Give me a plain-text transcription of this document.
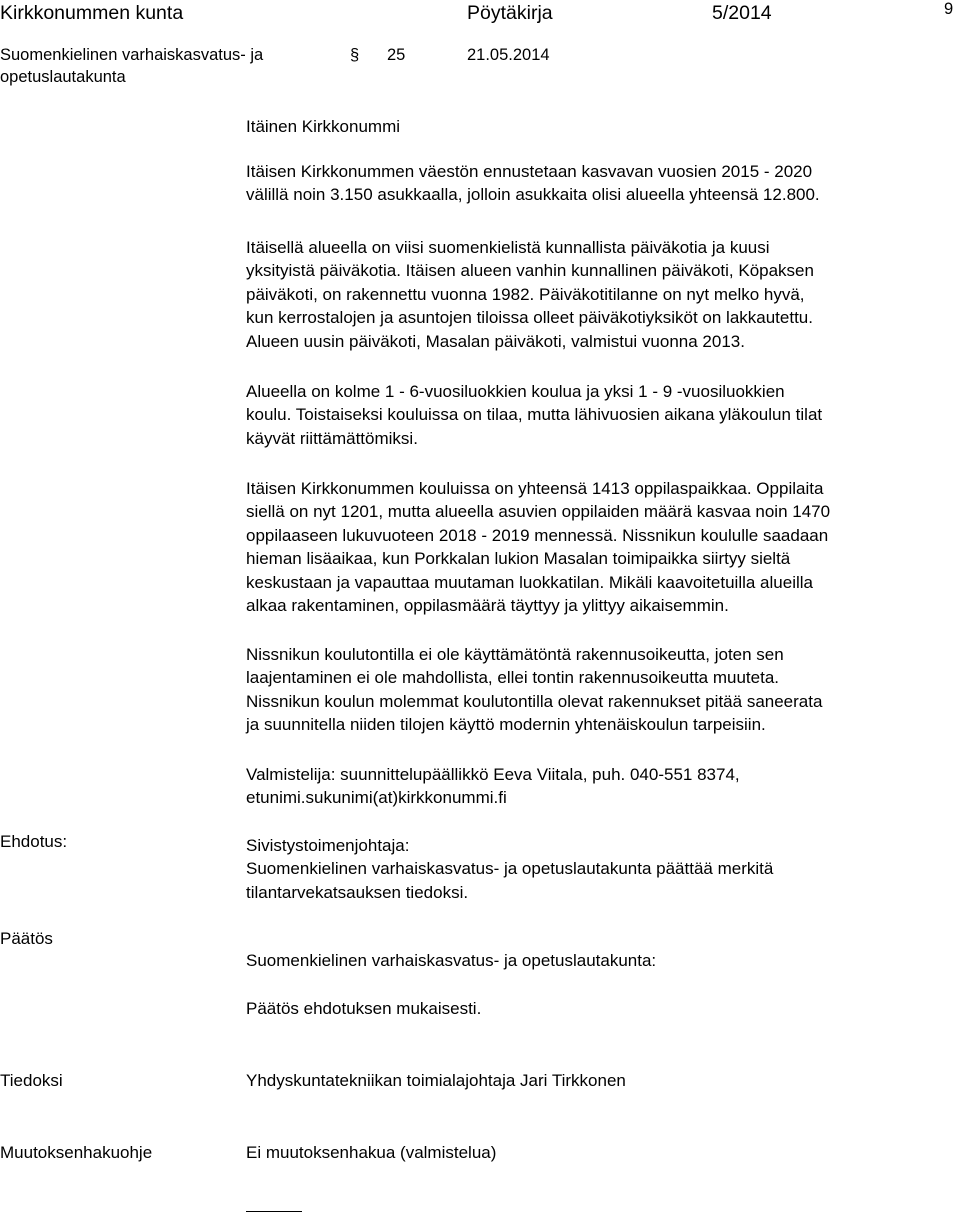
Kirkkonummen kunta	Pöytäkirja	5/2014	9
Suomenkielinen varhaiskasvatus- ja
opetuslautakunta
§ 25	21.05.2014
Itäinen Kirkkonummi
Itäisen Kirkkonummen väestön ennustetaan kasvavan vuosien 2015 - 2020
välillä noin 3.150 asukkaalla, jolloin asukkaita olisi alueella yhteensä 12.800.
Itäisellä alueella on viisi suomenkielistä kunnallista päiväkotia ja kuusi
yksityistä päiväkotia. Itäisen alueen vanhin kunnallinen päiväkoti, Köpaksen
päiväkoti, on rakennettu vuonna 1982. Päiväkotitilanne on nyt melko hyvä,
kun kerrostalojen ja asuntojen tiloissa olleet päiväkotiyksiköt on lakkautettu.
Alueen uusin päiväkoti, Masalan päiväkoti, valmistui vuonna 2013.
Alueella on kolme 1 - 6-vuosiluokkien koulua ja yksi 1 - 9 -vuosiluokkien
koulu. Toistaiseksi kouluissa on tilaa, mutta lähivuosien aikana yläkoulun tilat
käyvät riittämättömiksi.
Itäisen Kirkkonummen kouluissa on yhteensä 1413 oppilaspaikkaa. Oppilaita
siellä on nyt 1201, mutta alueella asuvien oppilaiden määrä kasvaa noin 1470
oppilaaseen lukuvuoteen 2018 - 2019 mennessä. Nissnikun koululle saadaan
hieman lisäaikaa, kun Porkkalan lukion Masalan toimipaikka siirtyy sieltä
keskustaan ja vapauttaa muutaman luokkatilan. Mikäli kaavoitetuilla alueilla
alkaa rakentaminen, oppilasmäärä täyttyy ja ylittyy aikaisemmin.
Nissnikun koulutontilla ei ole käyttämätöntä rakennusoikeutta, joten sen
laajentaminen ei ole mahdollista, ellei tontin rakennusoikeutta muuteta.
Nissnikun koulun molemmat koulutontilla olevat rakennukset pitää saneerata
ja suunnitella niiden tilojen käyttö modernin yhtenäiskoulun tarpeisiin.
Valmistelija: suunnittelupäällikkö Eeva Viitala, puh. 040-551 8374,
etunimi.sukunimi(at)kirkkonummi.fi
Ehdotus:	Sivistystoimenjohtaja:
Suomenkielinen varhaiskasvatus- ja opetuslautakunta päättää merkitä
tilantarvekatsauksen tiedoksi.
Päätös
Suomenkielinen varhaiskasvatus- ja opetuslautakunta:
Päätös ehdotuksen mukaisesti.
Tiedoksi	Yhdyskuntatekniikan toimialajohtaja Jari Tirkkonen
Muutoksenhakuohje	Ei muutoksenhakua (valmistelua)
